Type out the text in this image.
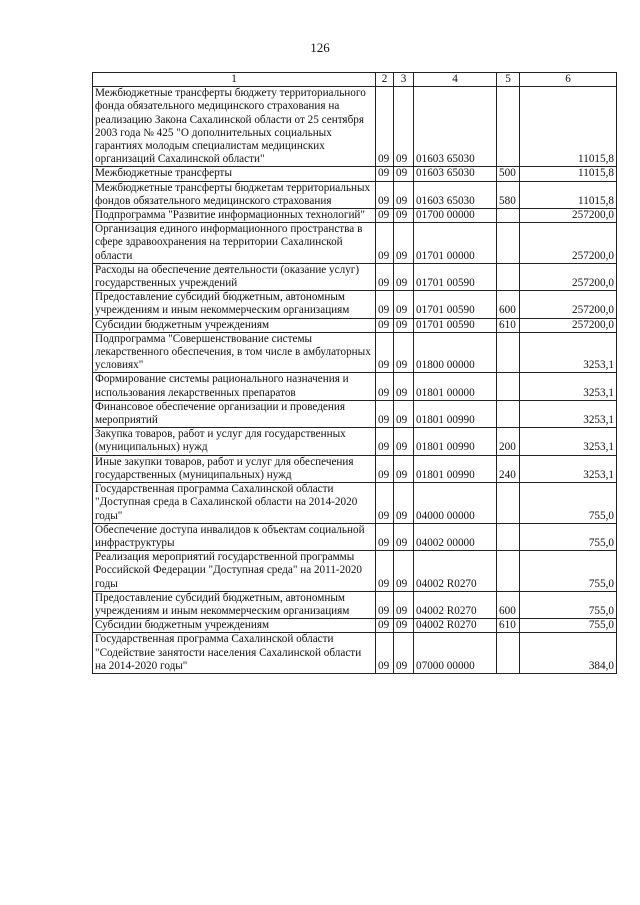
126
1	2	3	4	5	6
Межбюджетные трансферты бюджету территориального фонда обязательного медицинского страхования на реализацию Закона Сахалинской области от 25 сентября 2003 года № 425 "О дополнительных социальных гарантиях молодым специалистам медицинских организаций Сахалинской области"	09	09	01603 65030		11015,8
Межбюджетные трансферты	09	09	01603 65030	500	11015,8
Межбюджетные трансферты бюджетам территориальных фондов обязательного медицинского страхования	09	09	01603 65030	580	11015,8
Подпрограмма "Развитие информационных технологий"	09	09	01700 00000		257200,0
Организация единого информационного пространства в сфере здравоохранения на территории Сахалинской области	09	09	01701 00000		257200,0
Расходы на обеспечение деятельности (оказание услуг) государственных учреждений	09	09	01701 00590		257200,0
Предоставление субсидий бюджетным, автономным учреждениям и иным некоммерческим организациям	09	09	01701 00590	600	257200,0
Субсидии бюджетным учреждениям	09	09	01701 00590	610	257200,0
Подпрограмма "Совершенствование системы лекарственного обеспечения, в том числе в амбулаторных условиях"	09	09	01800 00000		3253,1
Формирование системы рационального назначения и использования лекарственных препаратов	09	09	01801 00000		3253,1
Финансовое обеспечение организации и проведения мероприятий	09	09	01801 00990		3253,1
Закупка товаров, работ и услуг для государственных (муниципальных) нужд	09	09	01801 00990	200	3253,1
Иные закупки товаров, работ и услуг для обеспечения государственных (муниципальных) нужд	09	09	01801 00990	240	3253,1
Государственная программа Сахалинской области "Доступная среда в Сахалинской области на 2014-2020 годы"	09	09	04000 00000		755,0
Обеспечение доступа инвалидов к объектам социальной инфраструктуры	09	09	04002 00000		755,0
Реализация мероприятий государственной программы Российской Федерации "Доступная среда" на 2011-2020 годы	09	09	04002 R0270		755,0
Предоставление субсидий бюджетным, автономным учреждениям и иным некоммерческим организациям	09	09	04002 R0270	600	755,0
Субсидии бюджетным учреждениям	09	09	04002 R0270	610	755,0
Государственная программа Сахалинской области "Содействие занятости населения Сахалинской области на 2014-2020 годы"	09	09	07000 00000		384,0
